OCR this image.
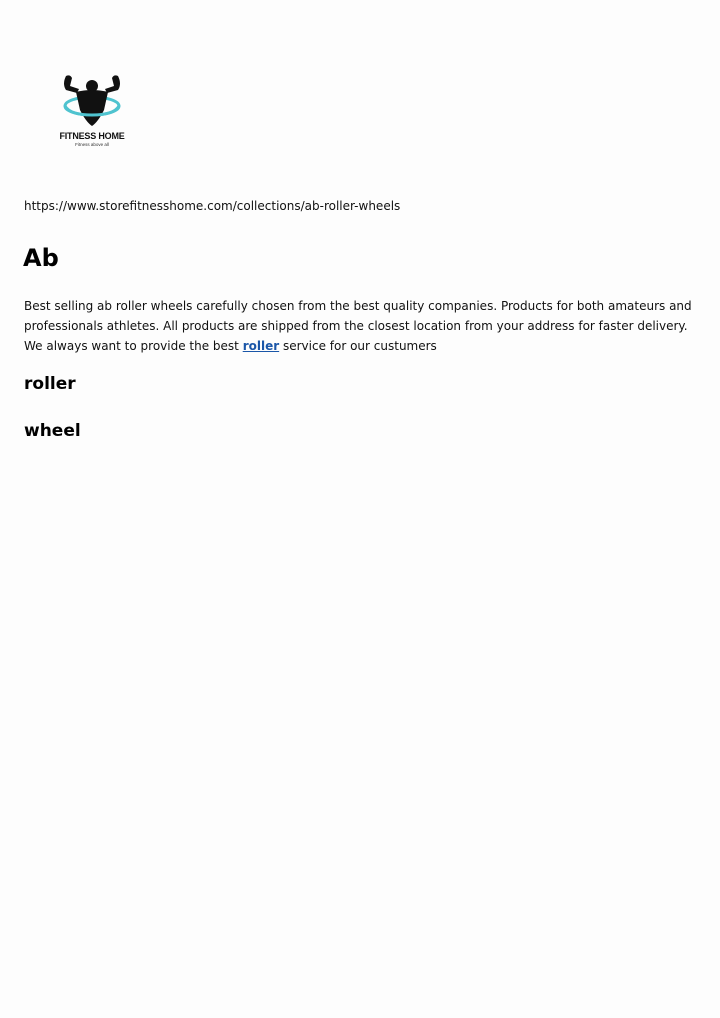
FITNESS HOME
Fitness above all
https://www.storefitnesshome.com/collections/ab-roller-wheels
Ab

Best selling ab roller wheels carefully chosen from the best quality companies. Products for both amateurs and professionals athletes. All products are shipped from the closest location from your address for faster delivery. We always want to provide the best roller service for our custumers

roller
wheel
